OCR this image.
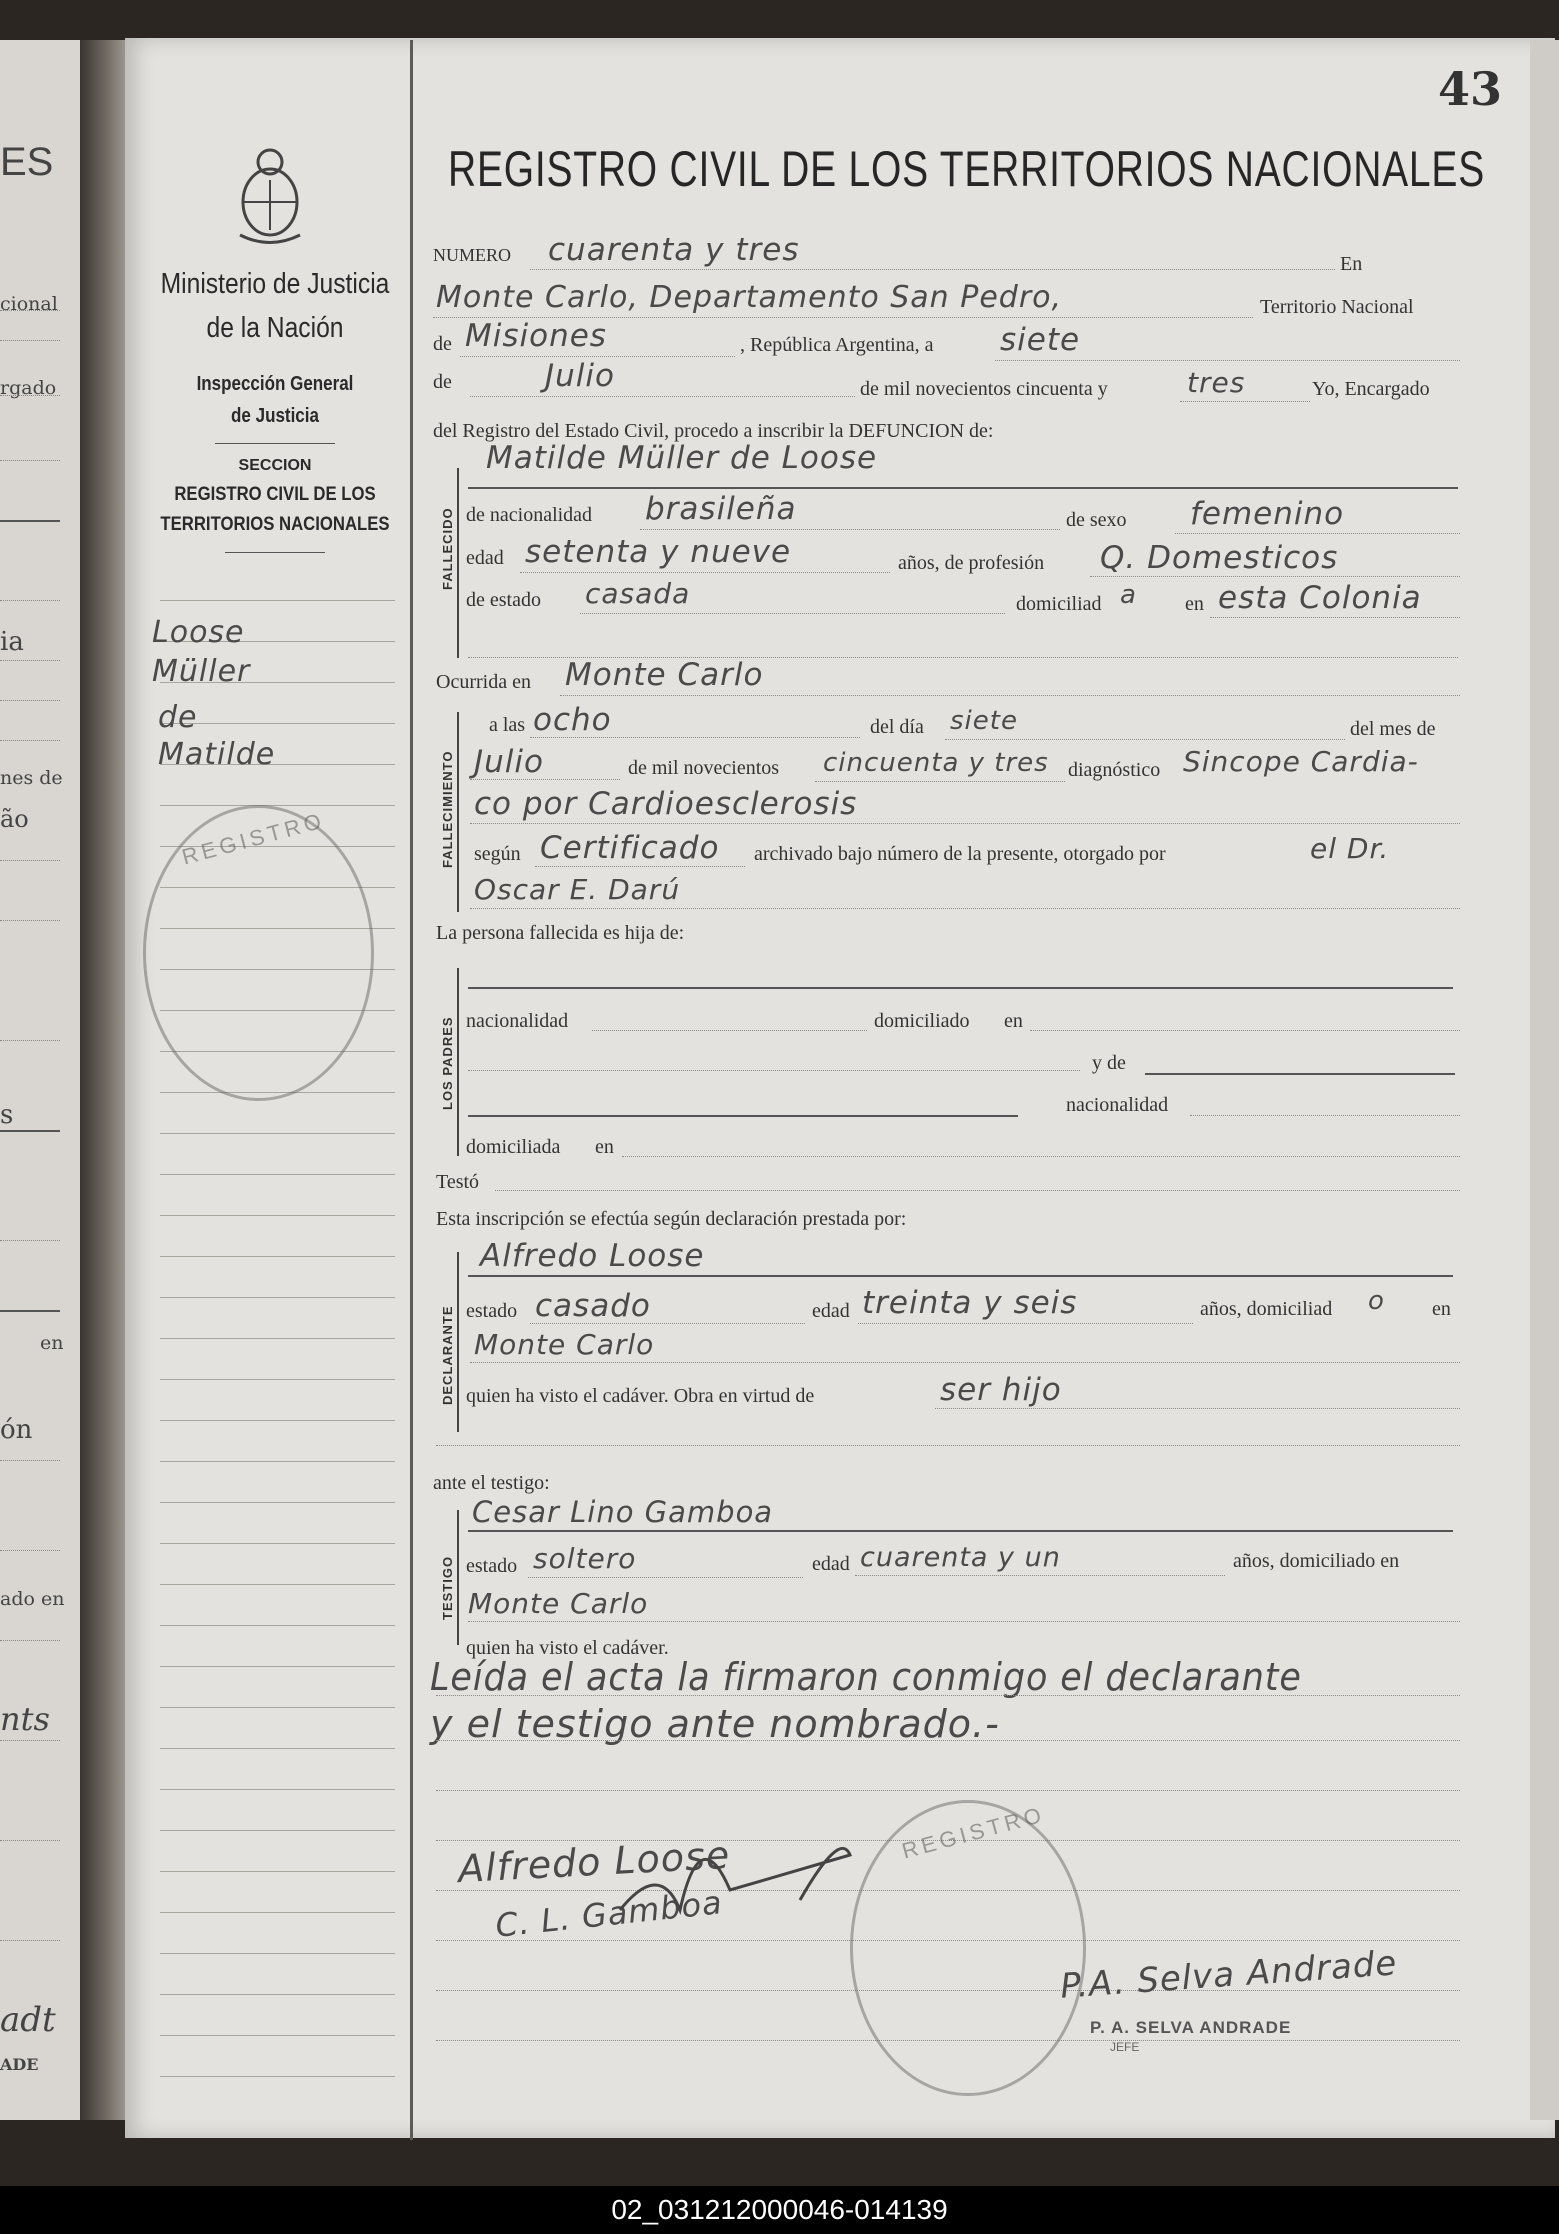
ES
cional
rgado
ia
nes de
ão
s
en
ón
ado en
nts
adt
ADE
43
REGISTRO CIVIL DE LOS TERRITORIOS NACIONALES
Ministerio de Justicia
de la Nación
Inspección General
de Justicia
SECCION
REGISTRO CIVIL DE LOS
TERRITORIOS NACIONALES
Loose
Müller
de
Matilde
REGISTRO
NUMERO cuarenta y tres	En
Monte Carlo, Departamento San Pedro,	Territorio Nacional
de Misiones	, República Argentina, a siete
de	Julio	de mil novecientos cincuenta y	tres	Yo, Encargado
del Registro del Estado Civil, procedo a inscribir la DEFUNCION de:
FALLECIDO
Matilde Müller de Loose
de nacionalidad brasileña	de sexo femenino
edad setenta y nueve	años, de profesión Q. Domesticos
de estado casada	domiciliad a en esta Colonia
Ocurrida en Monte Carlo
FALLECIMIENTO
a las ocho	del día siete	del mes de
Julio	de mil novecientos cincuenta y tres diagnóstico Sincope Cardia-
co por Cardioesclerosis
según Certificado archivado bajo número de la presente, otorgado por	el Dr.
Oscar E. Darú
La persona fallecida es hija de:
LOS PADRES nacionalidad	domiciliado en
y de
nacionalidad
domiciliada en
Testó
Esta inscripción se efectúa según declaración prestada por:
DECLARANTE
Alfredo Loose
estado casado	edad treinta y seis	años, domiciliad o en
Monte Carlo
quien ha visto el cadáver. Obra en virtud de	ser hijo
ante el testigo:
TESTIGO
Cesar Lino Gamboa
estado soltero	edad cuarenta y un	años, domiciliado en
Monte Carlo
quien ha visto el cadáver.
Leída el acta la firmaron conmigo el declarante
y el testigo ante nombrado.-
Alfredo Loose
C. L. Gamboa
P.A. Selva Andrade
P. A. SELVA ANDRADE
JEFE
REGISTRO
02_031212000046-014139
